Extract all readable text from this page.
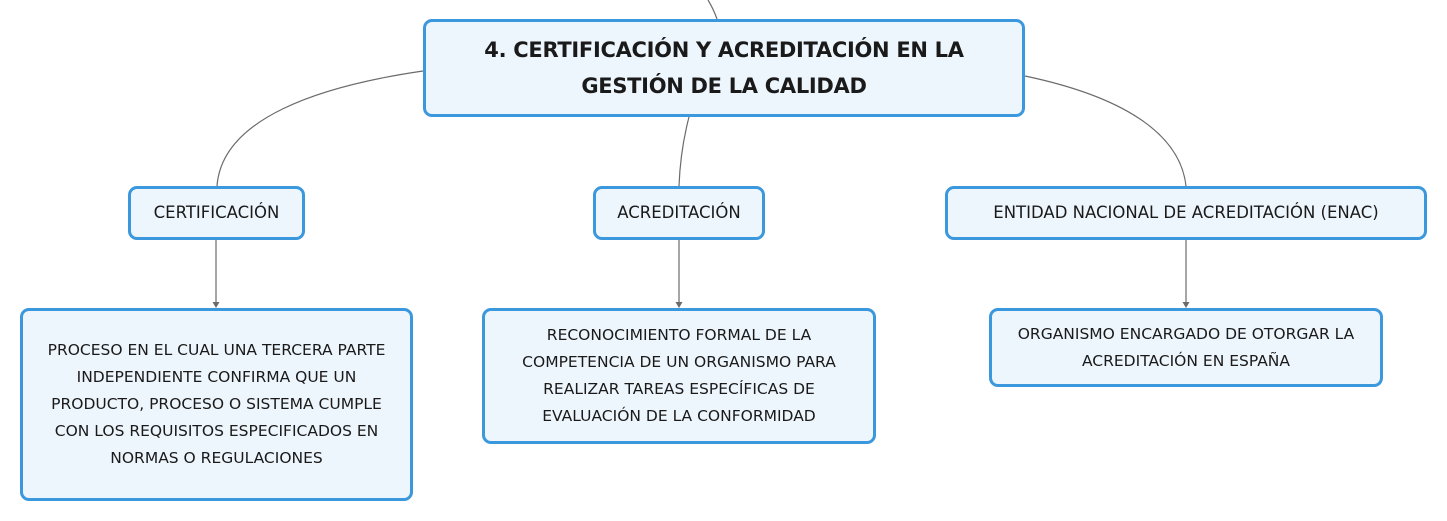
4. CERTIFICACIÓN Y ACREDITACIÓN EN LA GESTIÓN DE LA CALIDAD
CERTIFICACIÓN	ACREDITACIÓN	ENTIDAD NACIONAL DE ACREDITACIÓN (ENAC)
PROCESO EN EL CUAL UNA TERCERA PARTE INDEPENDIENTE CONFIRMA QUE UN PRODUCTO, PROCESO O SISTEMA CUMPLE CON LOS REQUISITOS ESPECIFICADOS EN NORMAS O REGULACIONES
RECONOCIMIENTO FORMAL DE LA COMPETENCIA DE UN ORGANISMO PARA REALIZAR TAREAS ESPECÍFICAS DE EVALUACIÓN DE LA CONFORMIDAD
ORGANISMO ENCARGADO DE OTORGAR LA ACREDITACIÓN EN ESPAÑA
